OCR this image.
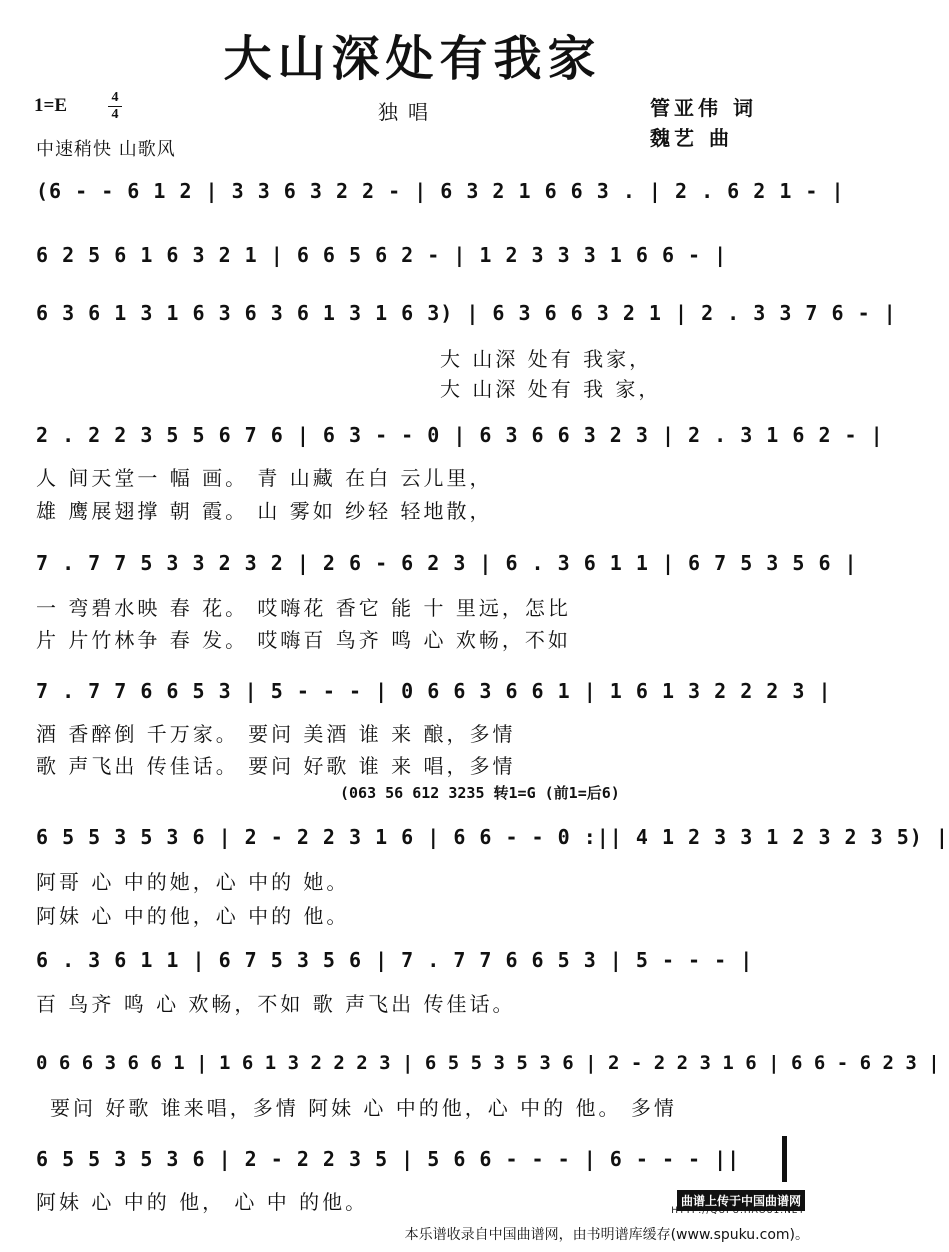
大山深处有我家
1=E	4
4	独唱	管亚伟 词
魏艺 曲
中速稍快 山歌风
(6 - - 6 1 2 | 3 3 6 3 2 2 - | 6 3 2 1 6 6 3 . | 2 . 6 2 1 - |
6 2 5 6 1 6 3 2 1 | 6 6 5 6 2 - | 1 2 3 3 3 1 6 6 - |
6 3 6 1 3 1 6 3 6 3 6 1 3 1 6 3) | 6 3 6 6 3 2 1 | 2 . 3 3 7 6 - |
大 山深 处有 我家，
大 山深 处有 我 家，
2 . 2 2 3 5 5 6 7 6 | 6 3 - - 0 | 6 3 6 6 3 2 3 | 2 . 3 1 6 2 - |
人 间天堂一 幅 画。 青 山藏 在白 云儿里，
雄 鹰展翅撑 朝 霞。 山 雾如 纱轻 轻地散，
7 . 7 7 5 3 3 2 3 2 | 2 6 - 6 2 3 | 6 . 3 6 1 1 | 6 7 5 3 5 6 |
一 弯碧水映 春 花。 哎嗨花 香它 能 十 里远，怎比
片 片竹林争 春 发。 哎嗨百 鸟齐 鸣 心 欢畅，不如
7 . 7 7 6 6 5 3 | 5 - - - | 0 6 6 3 6 6 1 | 1 6 1 3 2 2 2 3 |
酒 香醉倒 千万家。 要问 美酒 谁 来 酿，多情
歌 声飞出 传佳话。 要问 好歌 谁 来 唱，多情
(063 56 612 3235 转1=G (前1=后6)
6 5 5 3 5 3 6 | 2 - 2 2 3 1 6 | 6 6 - - 0 :|| 4 1 2 3 3 1 2 3 2 3 5) |
阿哥 心 中的她，心 中的 她。
阿妹 心 中的他，心 中的 他。
6 . 3 6 1 1 | 6 7 5 3 5 6 | 7 . 7 7 6 6 5 3 | 5 - - - |
百 鸟齐 鸣 心 欢畅，不如 歌 声飞出 传佳话。
0 6 6 3 6 6 1 | 1 6 1 3 2 2 2 3 | 6 5 5 3 5 3 6 | 2 - 2 2 3 1 6 | 6 6 - 6 2 3 |
要问 好歌 谁来唱，多情 阿妹 心 中的他，心 中的 他。 多情
6 5 5 3 5 3 6 | 2 - 2 2 3 5 | 5 6 6 - - - | 6 - - - ||
阿妹 心 中的 他， 心 中 的他。	曲谱上传于中国曲谱网
HTTP://QUPU.HAO81.NET
本乐谱收录自中国曲谱网，由书明谱库缓存(www.spuku.com)。
